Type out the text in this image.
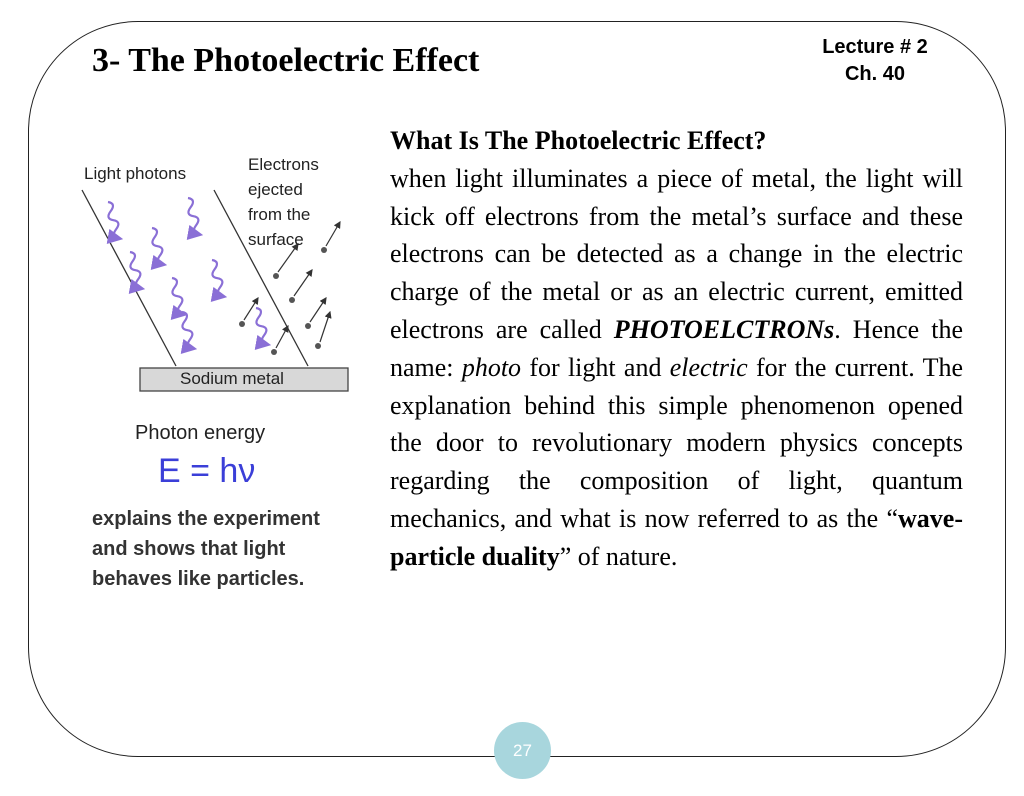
3- The Photoelectric Effect	Lecture # 2
Ch. 40
Light photons	Electrons
ejected
from the
surface
Sodium metal
Photon energy
E = hν
explains the experiment
and shows that light
behaves like particles.
What Is The Photoelectric Effect?
when light illuminates a piece of metal, the light will kick off electrons from the metal’s surface and these electrons can be detected as a change in the electric charge of the metal or as an electric current, emitted electrons are called PHOTOELCTRONs. Hence the name: photo for light and electric for the current. The explanation behind this simple phenomenon opened the door to revolutionary modern physics concepts regarding the composition of light, quantum mechanics, and what is now referred to as the “wave-particle duality” of nature.
27
